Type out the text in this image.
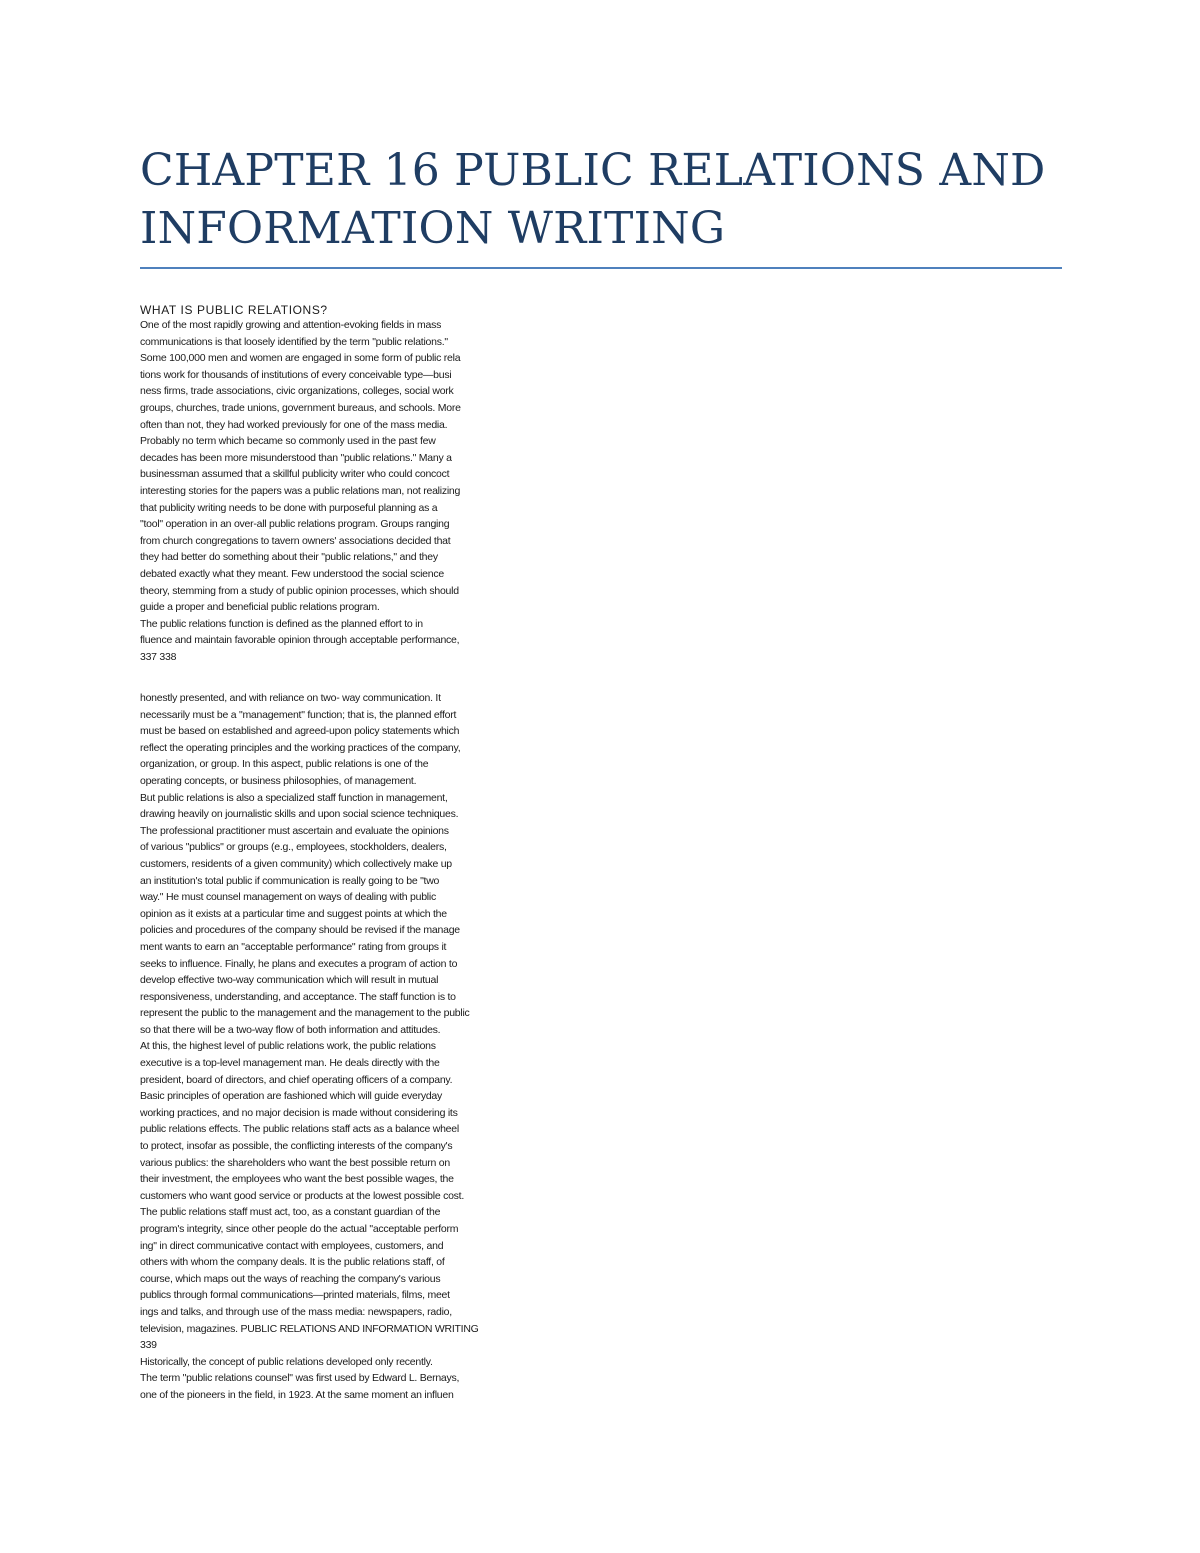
CHAPTER 16 PUBLIC RELATIONS AND
INFORMATION WRITING
WHAT IS PUBLIC RELATIONS?
One of the most rapidly growing and attention-evoking fields in mass
communications is that loosely identified by the term "public relations."
Some 100,000 men and women are engaged in some form of public rela
tions work for thousands of institutions of every conceivable type—busi
ness firms, trade associations, civic organizations, colleges, social work
groups, churches, trade unions, government bureaus, and schools. More
often than not, they had worked previously for one of the mass media.
Probably no term which became so commonly used in the past few
decades has been more misunderstood than "public relations." Many a
businessman assumed that a skillful publicity writer who could concoct
interesting stories for the papers was a public relations man, not realizing
that publicity writing needs to be done with purposeful planning as a
"tool" operation in an over-all public relations program. Groups ranging
from church congregations to tavern owners' associations decided that
they had better do something about their "public relations," and they
debated exactly what they meant. Few understood the social science
theory, stemming from a study of public opinion processes, which should
guide a proper and beneficial public relations program.
The public relations function is defined as the planned effort to in
fluence and maintain favorable opinion through acceptable performance,
337 338
honestly presented, and with reliance on two- way communication. It
necessarily must be a "management" function; that is, the planned effort
must be based on established and agreed-upon policy statements which
reflect the operating principles and the working practices of the company,
organization, or group. In this aspect, public relations is one of the
operating concepts, or business philosophies, of management.
But public relations is also a specialized staff function in management,
drawing heavily on journalistic skills and upon social science techniques.
The professional practitioner must ascertain and evaluate the opinions
of various "publics" or groups (e.g., employees, stockholders, dealers,
customers, residents of a given community) which collectively make up
an institution's total public if communication is really going to be "two
way." He must counsel management on ways of dealing with public
opinion as it exists at a particular time and suggest points at which the
policies and procedures of the company should be revised if the manage
ment wants to earn an "acceptable performance" rating from groups it
seeks to influence. Finally, he plans and executes a program of action to
develop effective two-way communication which will result in mutual
responsiveness, understanding, and acceptance. The staff function is to
represent the public to the management and the management to the public
so that there will be a two-way flow of both information and attitudes.
At this, the highest level of public relations work, the public relations
executive is a top-level management man. He deals directly with the
president, board of directors, and chief operating officers of a company.
Basic principles of operation are fashioned which will guide everyday
working practices, and no major decision is made without considering its
public relations effects. The public relations staff acts as a balance wheel
to protect, insofar as possible, the conflicting interests of the company's
various publics: the shareholders who want the best possible return on
their investment, the employees who want the best possible wages, the
customers who want good service or products at the lowest possible cost.
The public relations staff must act, too, as a constant guardian of the
program's integrity, since other people do the actual "acceptable perform
ing" in direct communicative contact with employees, customers, and
others with whom the company deals. It is the public relations staff, of
course, which maps out the ways of reaching the company's various
publics through formal communications—printed materials, films, meet
ings and talks, and through use of the mass media: newspapers, radio,
television, magazines. PUBLIC RELATIONS AND INFORMATION WRITING
339
Historically, the concept of public relations developed only recently.
The term "public relations counsel" was first used by Edward L. Bernays,
one of the pioneers in the field, in 1923. At the same moment an influen
